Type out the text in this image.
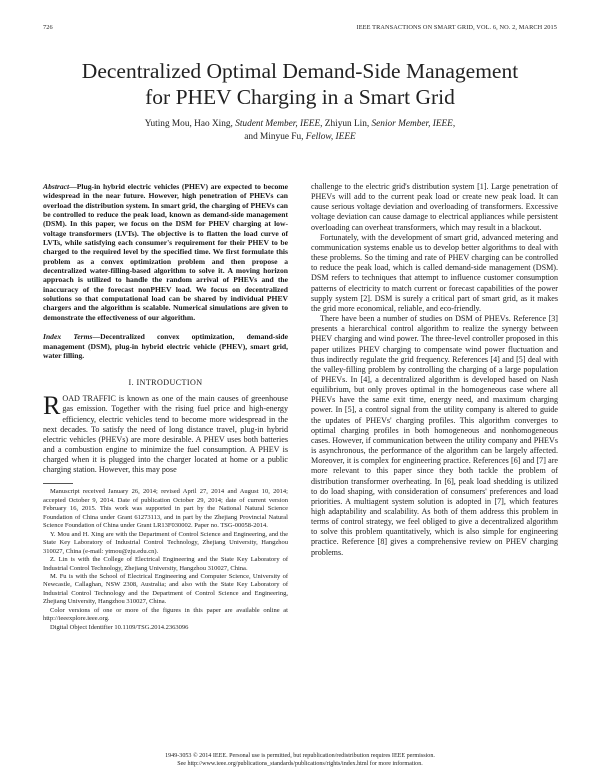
726	IEEE TRANSACTIONS ON SMART GRID, VOL. 6, NO. 2, MARCH 2015
Decentralized Optimal Demand-Side Management
for PHEV Charging in a Smart Grid
Yuting Mou, Hao Xing, Student Member, IEEE, Zhiyun Lin, Senior Member, IEEE,
and Minyue Fu, Fellow, IEEE

Abstract—Plug-in hybrid electric vehicles (PHEV) are expected to become widespread in the near future. However, high penetration of PHEVs can overload the distribution system. In smart grid, the charging of PHEVs can be controlled to reduce the peak load, known as demand-side management (DSM). In this paper, we focus on the DSM for PHEV charging at low-voltage transformers (LVTs). The objective is to flatten the load curve of LVTs, while satisfying each consumer's requirement for their PHEV to be charged to the required level by the specified time. We first formulate this problem as a convex optimization problem and then propose a decentralized water-filling-based algorithm to solve it. A moving horizon approach is utilized to handle the random arrival of PHEVs and the inaccuracy of the forecast nonPHEV load. We focus on decentralized solutions so that computational load can be shared by individual PHEV chargers and the algorithm is scalable. Numerical simulations are given to demonstrate the effectiveness of our algorithm.

Index Terms—Decentralized convex optimization, demand-side management (DSM), plug-in hybrid electric vehicle (PHEV), smart grid, water filling.

I. INTRODUCTION

ROAD TRAFFIC is known as one of the main causes of greenhouse gas emission. Together with the rising fuel price and high-energy efficiency, electric vehicles tend to become more widespread in the next decades. To satisfy the need of long distance travel, plug-in hybrid electric vehicles (PHEVs) are more desirable. A PHEV uses both batteries and a combustion engine to minimize the fuel consumption. A PHEV is charged when it is plugged into the charger located at home or a public charging station. However, this may pose

Manuscript received January 26, 2014; revised April 27, 2014 and August 10, 2014; accepted October 9, 2014. Date of publication October 29, 2014; date of current version February 16, 2015. This work was supported in part by the National Natural Science Foundation of China under Grant 61273113, and in part by the Zhejiang Provincial Natural Science Foundation of China under Grant LR13F030002. Paper no. TSG-00058-2014.

Y. Mou and H. Xing are with the Department of Control Science and Engineering, and the State Key Laboratory of Industrial Control Technology, Zhejiang University, Hangzhou 310027, China (e-mail: ytmou@zju.edu.cn).

Z. Lin is with the College of Electrical Engineering and the State Key Laboratory of Industrial Control Technology, Zhejiang University, Hangzhou 310027, China.

M. Fu is with the School of Electrical Engineering and Computer Science, University of Newcastle, Callaghan, NSW 2308, Australia; and also with the State Key Laboratory of Industrial Control Technology and the Department of Control Science and Engineering, Zhejiang University, Hangzhou 310027, China.

Color versions of one or more of the figures in this paper are available online at http://ieeexplore.ieee.org.

Digital Object Identifier 10.1109/TSG.2014.2363096

challenge to the electric grid's distribution system [1]. Large penetration of PHEVs will add to the current peak load or create new peak load. It can cause serious voltage deviation and overloading of transformers. Excessive voltage deviation can cause damage to electrical appliances while persistent overloading can overheat transformers, which may result in a blackout.

Fortunately, with the development of smart grid, advanced metering and communication systems enable us to develop better algorithms to deal with these problems. So the timing and rate of PHEV charging can be controlled to reduce the peak load, which is called demand-side management (DSM). DSM refers to techniques that attempt to influence customer consumption patterns of electricity to match current or forecast capabilities of the power supply system [2]. DSM is surely a critical part of smart grid, as it makes the grid more economical, reliable, and eco-friendly.

There have been a number of studies on DSM of PHEVs. Reference [3] presents a hierarchical control algorithm to realize the synergy between PHEV charging and wind power. The three-level controller proposed in this paper utilizes PHEV charging to compensate wind power fluctuation and thus indirectly regulate the grid frequency. References [4] and [5] deal with the valley-filling problem by controlling the charging of a large population of PHEVs. In [4], a decentralized algorithm is developed based on Nash equilibrium, but only proves optimal in the homogeneous case where all PHEVs have the same exit time, energy need, and maximum charging power. In [5], a control signal from the utility company is altered to guide the updates of PHEVs' charging profiles. This algorithm converges to optimal charging profiles in both homogeneous and nonhomogeneous cases. However, if communication between the utility company and PHEVs is asynchronous, the performance of the algorithm can be largely affected. Moreover, it is complex for engineering practice. References [6] and [7] are more relevant to this paper since they both tackle the problem of distribution transformer overheating. In [6], peak load shedding is utilized to do load shaping, with consideration of consumers' preferences and load priorities. A multiagent system solution is adopted in [7], which features high adaptability and scalability. As both of them address this problem in terms of control strategy, we feel obliged to give a decentralized algorithm to solve this problem quantitatively, which is also simple for engineering practice. Reference [8] gives a comprehensive review on PHEV charging problems.

1949-3053 © 2014 IEEE. Personal use is permitted, but republication/redistribution requires IEEE permission.
See http://www.ieee.org/publications_standards/publications/rights/index.html for more information.
